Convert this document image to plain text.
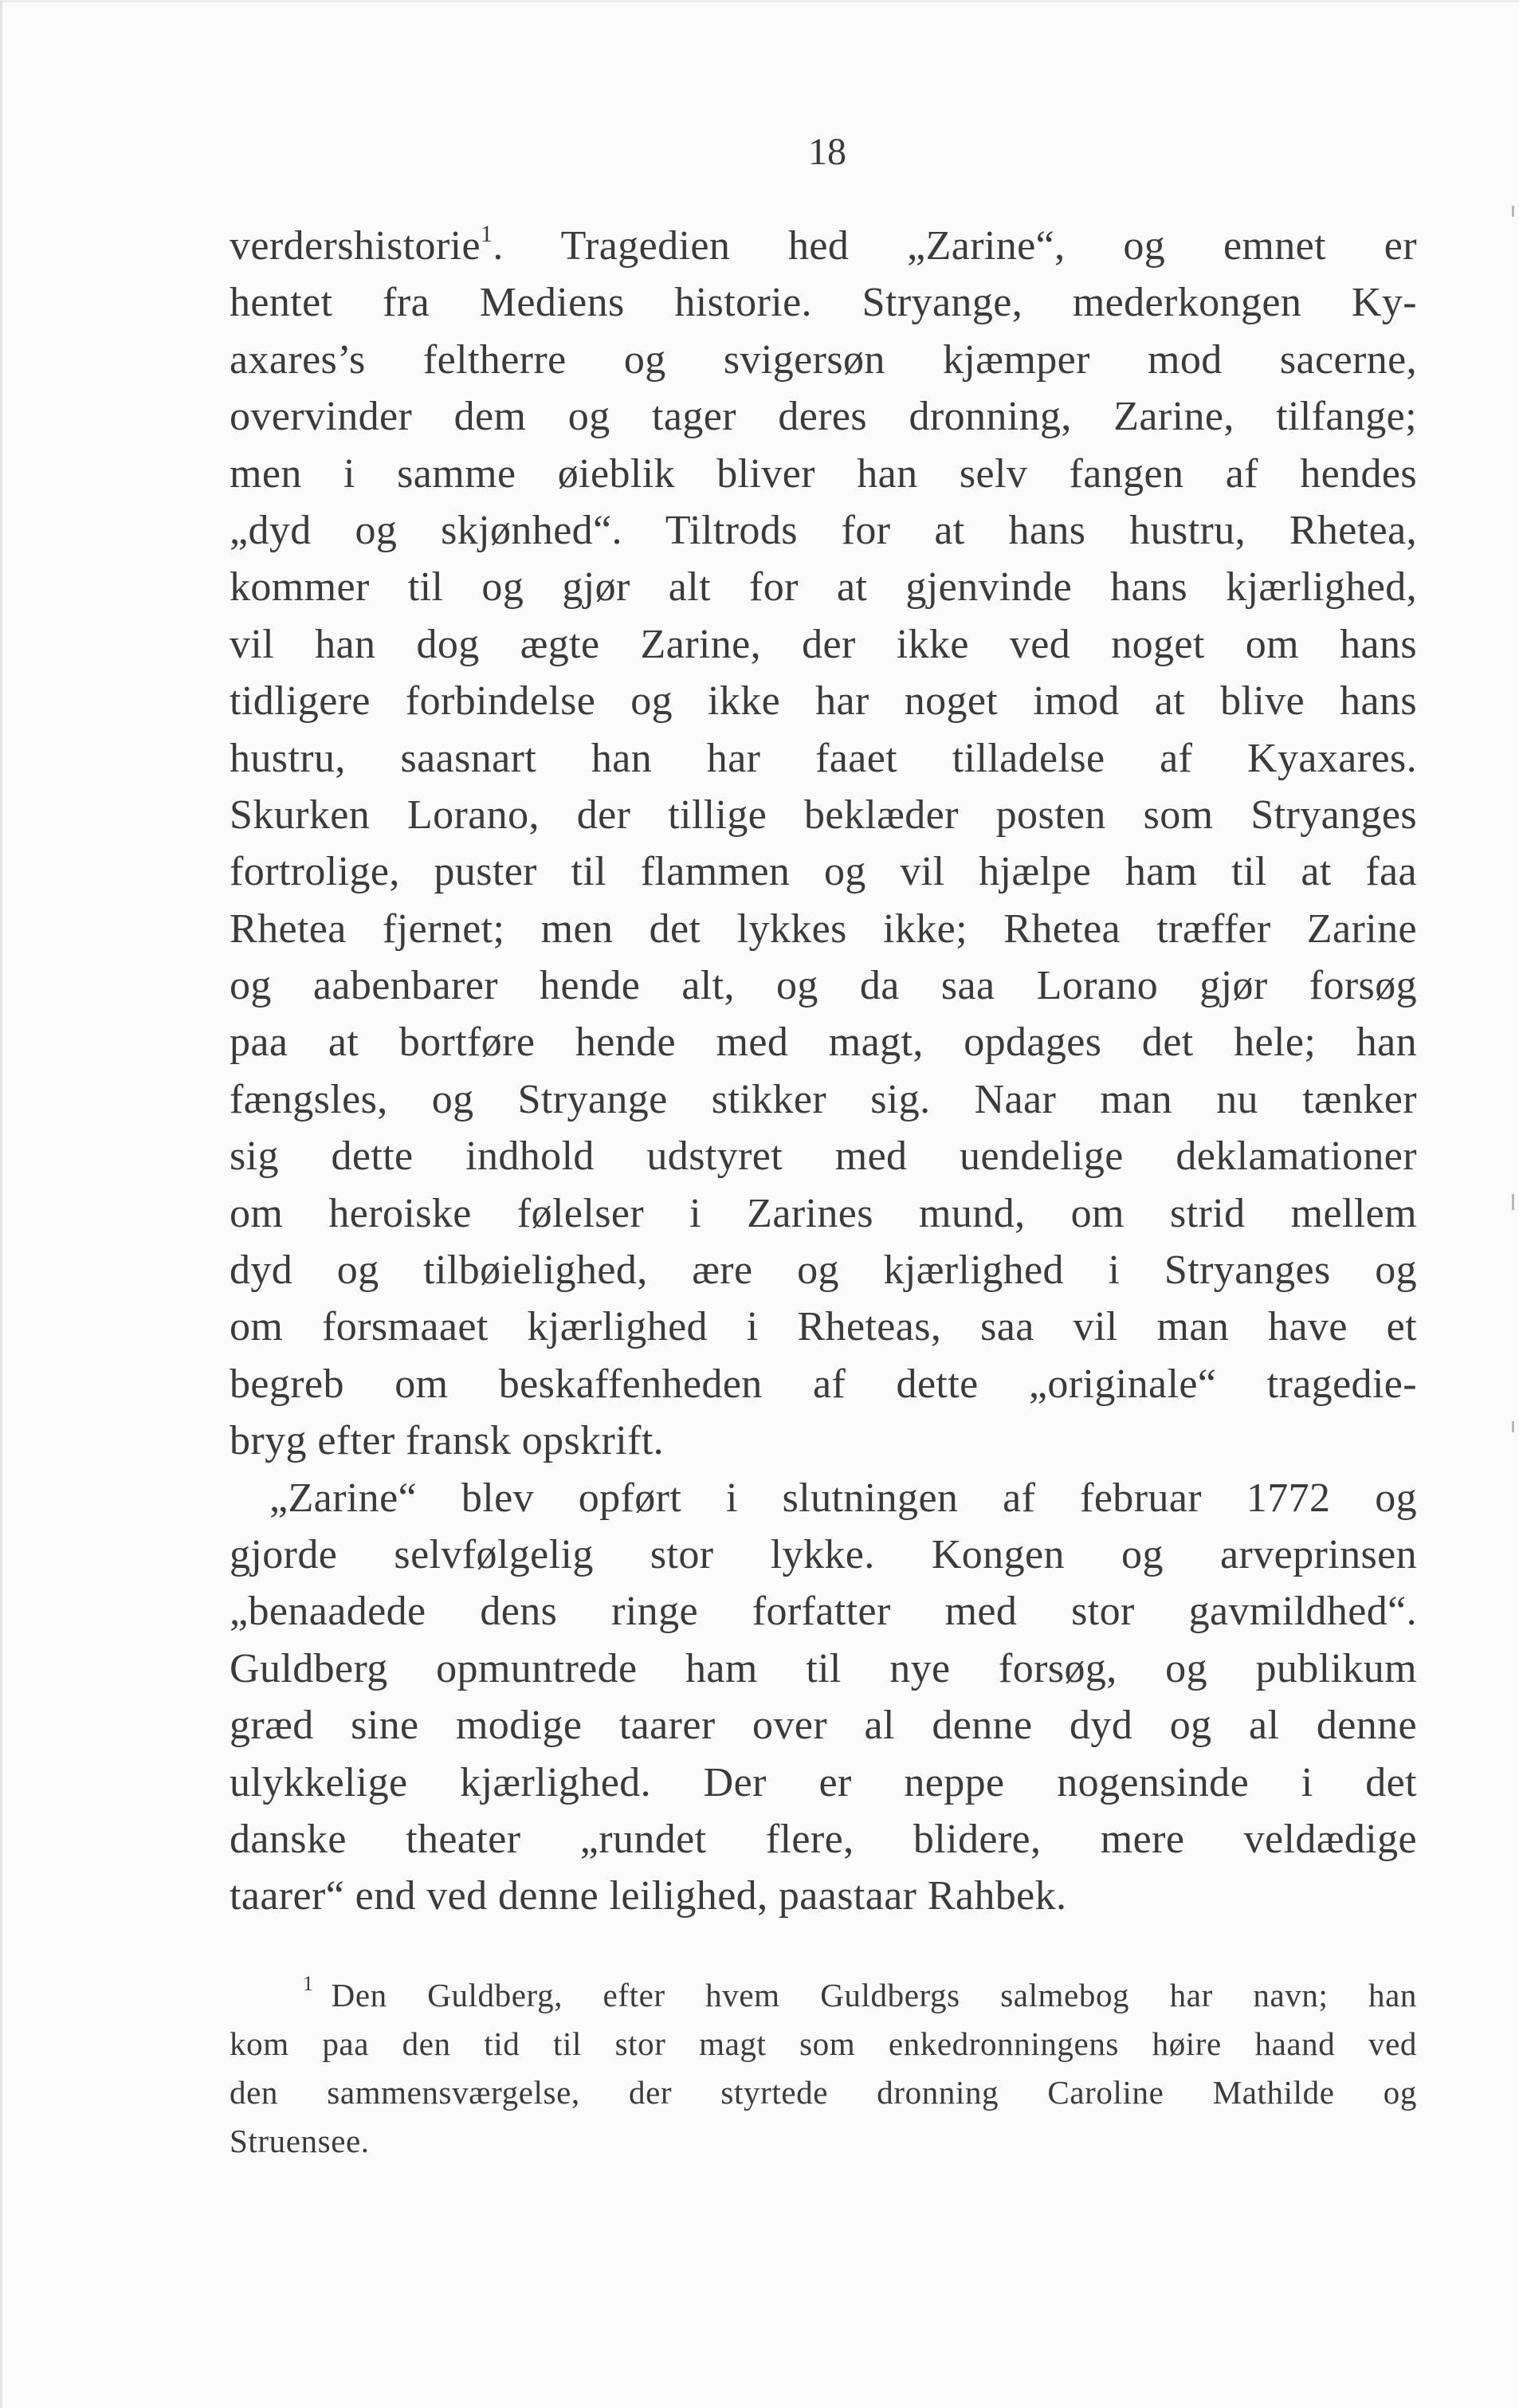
18
verdershistorie$^1$. Tragedien hed „Zarine“, og emnet er
hentet fra Mediens historie. Stryange, mederkongen Ky-
axares’s feltherre og svigersøn kjæmper mod sacerne,
overvinder dem og tager deres dronning, Zarine, tilfange;
men i samme øieblik bliver han selv fangen af hendes
„dyd og skjønhed“. Tiltrods for at hans hustru, Rhetea,
kommer til og gjør alt for at gjenvinde hans kjærlighed,
vil han dog ægte Zarine, der ikke ved noget om hans
tidligere forbindelse og ikke har noget imod at blive hans
hustru, saasnart han har faaet tilladelse af Kyaxares.
Skurken Lorano, der tillige beklæder posten som Stryanges
fortrolige, puster til flammen og vil hjælpe ham til at faa
Rhetea fjernet; men det lykkes ikke; Rhetea træffer Zarine
og aabenbarer hende alt, og da saa Lorano gjør forsøg
paa at bortføre hende med magt, opdages det hele; han
fængsles, og Stryange stikker sig. Naar man nu tænker
sig dette indhold udstyret med uendelige deklamationer
om heroiske følelser i Zarines mund, om strid mellem
dyd og tilbøielighed, ære og kjærlighed i Stryanges og
om forsmaaet kjærlighed i Rheteas, saa vil man have et
begreb om beskaffenheden af dette „originale“ tragedie-
bryg efter fransk opskrift.
„Zarine“ blev opført i slutningen af februar 1772 og
gjorde selvfølgelig stor lykke. Kongen og arveprinsen
„benaadede dens ringe forfatter med stor gavmildhed“.
Guldberg opmuntrede ham til nye forsøg, og publikum
græd sine modige taarer over al denne dyd og al denne
ulykkelige kjærlighed. Der er neppe nogensinde i det
danske theater „rundet flere, blidere, mere veldædige
taarer“ end ved denne leilighed, paastaar Rahbek.
$^1$ Den Guldberg, efter hvem Guldbergs salmebog har navn; han
kom paa den tid til stor magt som enkedronningens høire haand ved
den sammensværgelse, der styrtede dronning Caroline Mathilde og
Struensee.
